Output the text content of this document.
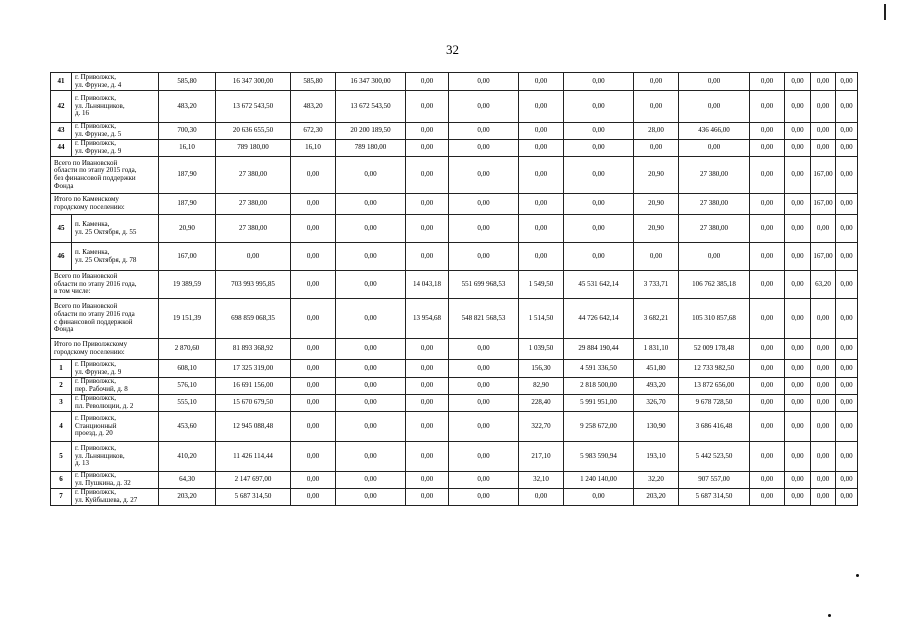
32
41	г. Приволжск,
ул. Фрунзе, д. 4	585,80	16 347 300,00	585,80	16 347 300,00	0,00	0,00	0,00	0,00	0,00	0,00	0,00	0,00	0,00	0,00
42	г. Приволжск,
ул. Льнянщиков,
д. 16	483,20	13 672 543,50	483,20	13 672 543,50	0,00	0,00	0,00	0,00	0,00	0,00	0,00	0,00	0,00	0,00
43	г. Приволжск,
ул. Фрунзе, д. 5	700,30	20 636 655,50	672,30	20 200 189,50	0,00	0,00	0,00	0,00	28,00	436 466,00	0,00	0,00	0,00	0,00
44	г. Приволжск,
ул. Фрунзе, д. 9	16,10	789 180,00	16,10	789 180,00	0,00	0,00	0,00	0,00	0,00	0,00	0,00	0,00	0,00	0,00

Всего по Ивановской
области по этапу 2015 года,
без финансовой поддержки
Фонда		187,90	27 380,00	0,00	0,00	0,00	0,00	0,00	0,00	20,90	27 380,00	0,00	0,00	167,00	0,00

Итого по Каменскому
городскому поселению:		187,90	27 380,00	0,00	0,00	0,00	0,00	0,00	0,00	20,90	27 380,00	0,00	0,00	167,00	0,00
45	п. Каменка,
ул. 25 Октября, д. 55	20,90	27 380,00	0,00	0,00	0,00	0,00	0,00	0,00	20,90	27 380,00	0,00	0,00	0,00	0,00
46	п. Каменка,
ул. 25 Октября, д. 78	167,00	0,00	0,00	0,00	0,00	0,00	0,00	0,00	0,00	0,00	0,00	0,00	167,00	0,00

Всего по Ивановской
области по этапу 2016 года,
в том числе:		19 389,59	703 993 995,85	0,00	0,00	14 043,18	551 699 968,53	1 549,50	45 531 642,14	3 733,71	106 762 385,18	0,00	0,00	63,20	0,00

Всего по Ивановской
области по этапу 2016 года
с финансовой поддержкой
Фонда		19 151,39	698 859 068,35	0,00	0,00	13 954,68	548 821 568,53	1 514,50	44 726 642,14	3 682,21	105 310 857,68	0,00	0,00	0,00	0,00

Итого по Приволжскому
городскому поселению:		2 870,60	81 893 368,92	0,00	0,00	0,00	0,00	1 039,50	29 884 190,44	1 831,10	52 009 178,48	0,00	0,00	0,00	0,00
1	г. Приволжск,
ул. Фрунзе, д. 9	608,10	17 325 319,00	0,00	0,00	0,00	0,00	156,30	4 591 336,50	451,80	12 733 982,50	0,00	0,00	0,00	0,00
2	г. Приволжск,
пер. Рабочий, д. 8	576,10	16 691 156,00	0,00	0,00	0,00	0,00	82,90	2 818 500,00	493,20	13 872 656,00	0,00	0,00	0,00	0,00
3	г. Приволжск,
пл. Революции, д. 2	555,10	15 670 679,50	0,00	0,00	0,00	0,00	228,40	5 991 951,00	326,70	9 678 728,50	0,00	0,00	0,00	0,00
4	г. Приволжск,
Станционный
проезд, д. 20	453,60	12 945 088,48	0,00	0,00	0,00	0,00	322,70	9 258 672,00	130,90	3 686 416,48	0,00	0,00	0,00	0,00
5	г. Приволжск,
ул. Льнянщиков,
д. 13	410,20	11 426 114,44	0,00	0,00	0,00	0,00	217,10	5 983 590,94	193,10	5 442 523,50	0,00	0,00	0,00	0,00
6	г. Приволжск,
ул. Пушкина, д. 32	64,30	2 147 697,00	0,00	0,00	0,00	0,00	32,10	1 240 140,00	32,20	907 557,00	0,00	0,00	0,00	0,00
7	г. Приволжск,
ул. Куйбышева, д. 27	203,20	5 687 314,50	0,00	0,00	0,00	0,00	0,00	0,00	203,20	5 687 314,50	0,00	0,00	0,00	0,00
